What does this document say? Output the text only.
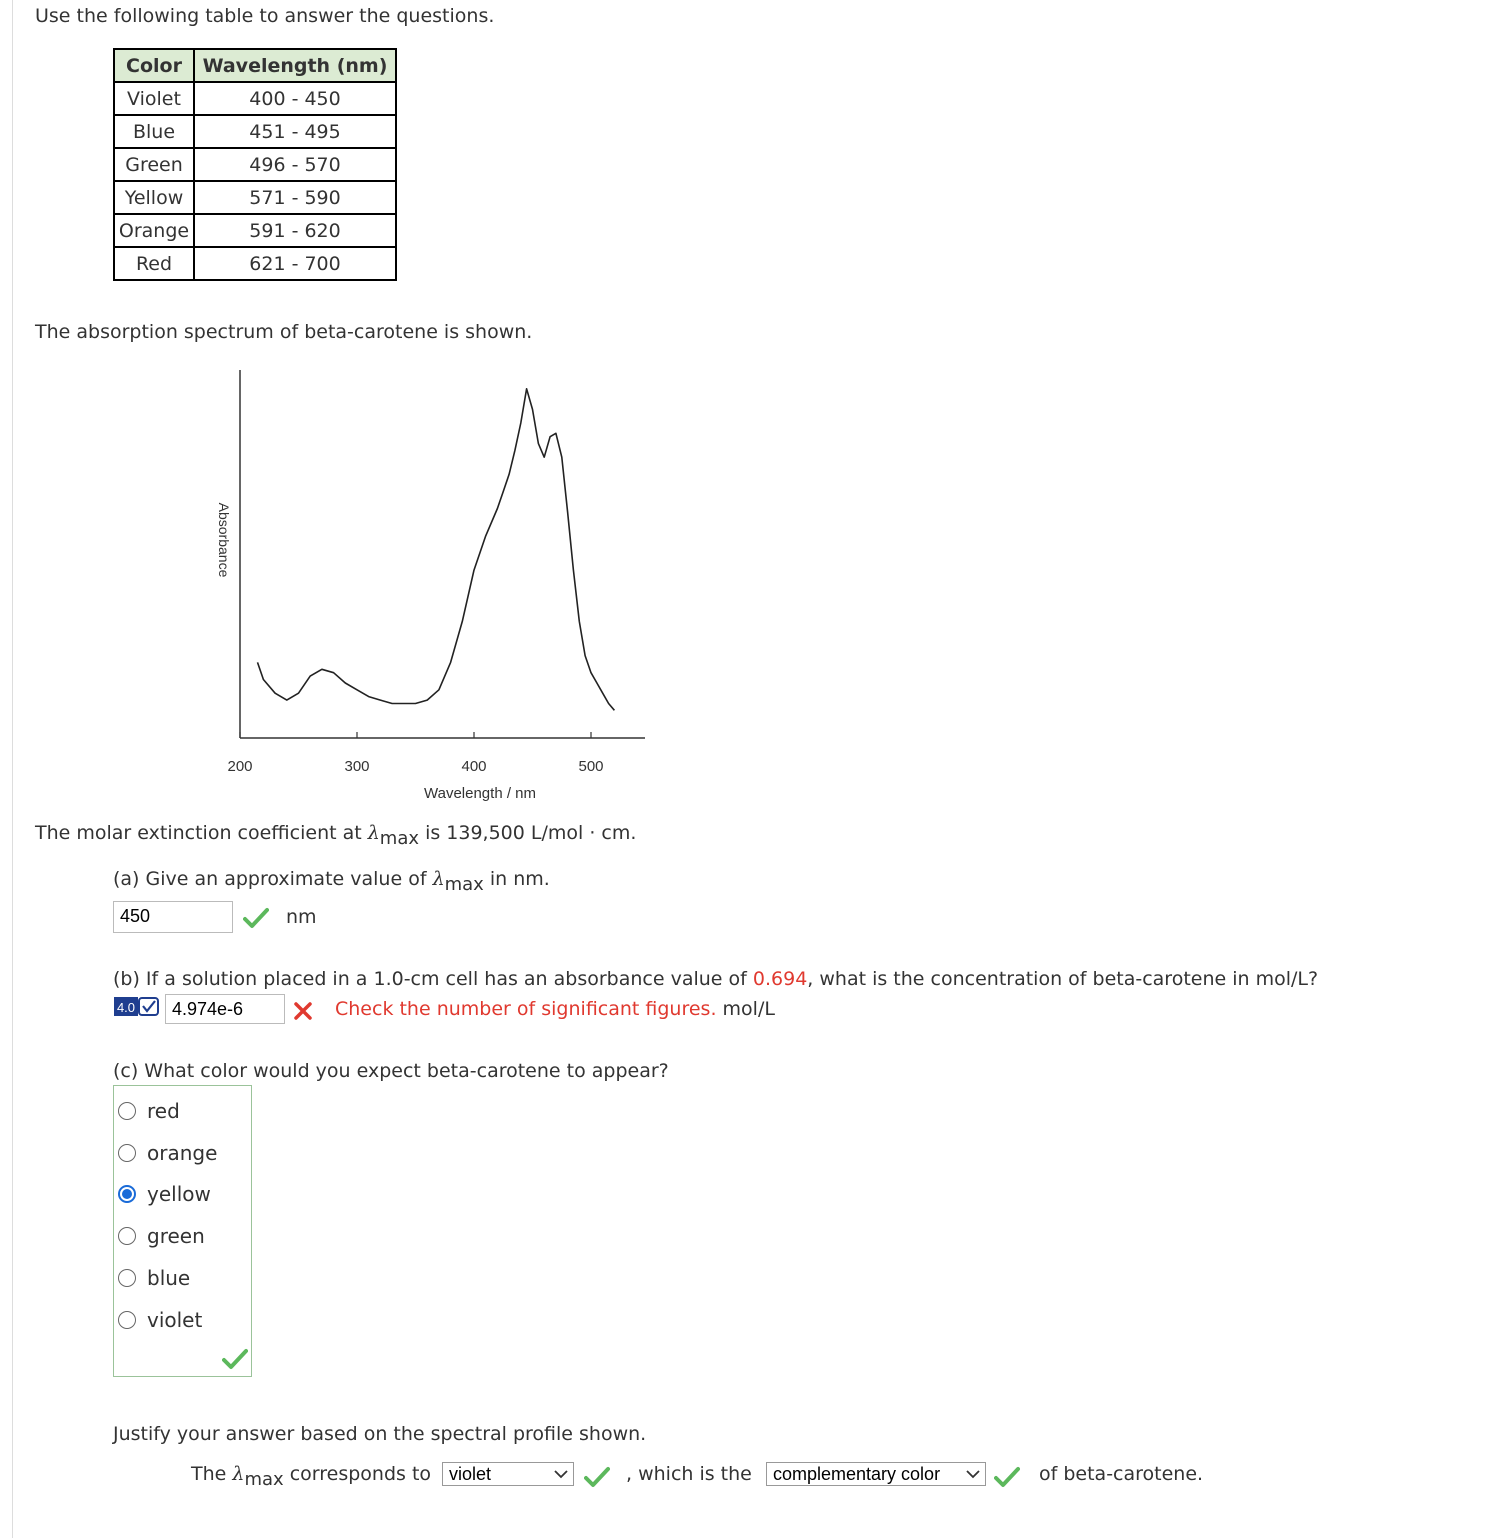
Use the following table to answer the questions.
Color	Wavelength (nm)
Violet	400 - 450
Blue	451 - 495
Green	496 - 570
Yellow	571 - 590
Orange	591 - 620
Red	621 - 700
The absorption spectrum of beta-carotene is shown.
200	300	400	500
Wavelength / nm
Absorbance
The molar extinction coefficient at $\lambda_{max}$ is 139,500 L/mol · cm.
(a) Give an approximate value of $\lambda_{max}$ in nm.
450	nm
(b) If a solution placed in a 1.0-cm cell has an absorbance value of 0.694, what is the concentration of beta-carotene in mol/L?
4.0	4.974e-6	Check the number of significant figures. mol/L
(c) What color would you expect beta-carotene to appear?
red
orange
yellow
green
blue
violet
Justify your answer based on the spectral profile shown.
The $\lambda_{max}$ corresponds to violet	, which is the	complementary color	of beta-carotene.
